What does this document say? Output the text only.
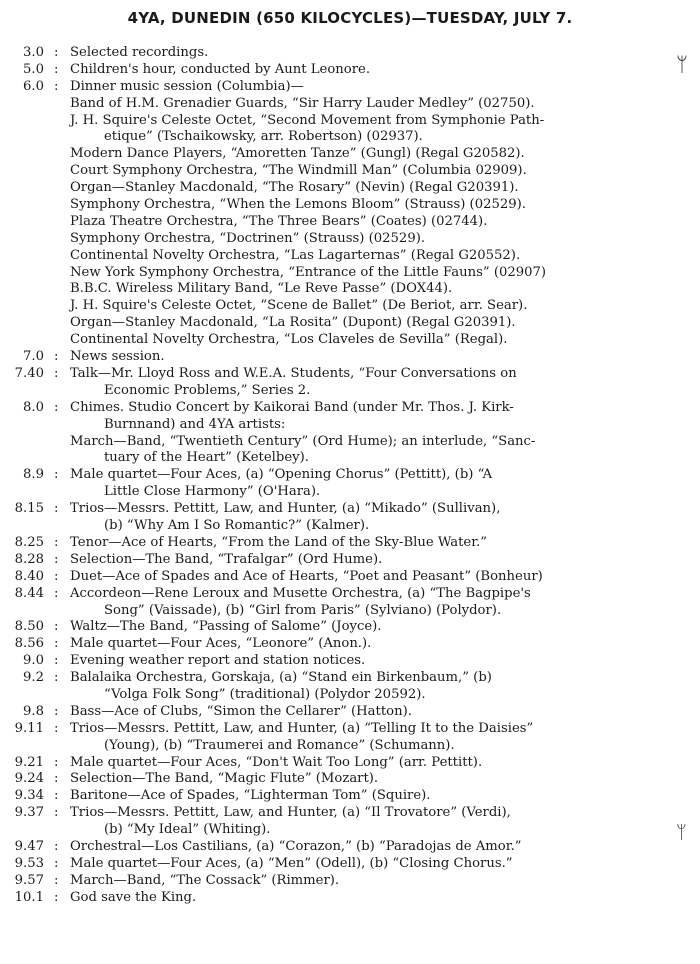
4YA, DUNEDIN (650 KILOCYCLES)—TUESDAY, JULY 7.
3.0 : Selected recordings.
5.0 : Children's hour, conducted by Aunt Leonore.
6.0 : Dinner music session (Columbia)—
Band of H.M. Grenadier Guards, “Sir Harry Lauder Medley” (02750).
J. H. Squire's Celeste Octet, “Second Movement from Symphonie Path-
etique” (Tschaikowsky, arr. Robertson) (02937).
Modern Dance Players, “Amoretten Tanze” (Gungl) (Regal G20582).
Court Symphony Orchestra, “The Windmill Man” (Columbia 02909).
Organ—Stanley Macdonald, “The Rosary” (Nevin) (Regal G20391).
Symphony Orchestra, “When the Lemons Bloom” (Strauss) (02529).
Plaza Theatre Orchestra, “The Three Bears” (Coates) (02744).
Symphony Orchestra, “Doctrinen” (Strauss) (02529).
Continental Novelty Orchestra, “Las Lagarternas” (Regal G20552).
New York Symphony Orchestra, “Entrance of the Little Fauns” (02907)
B.B.C. Wireless Military Band, “Le Reve Passe” (DOX44).
J. H. Squire's Celeste Octet, “Scene de Ballet” (De Beriot, arr. Sear).
Organ—Stanley Macdonald, “La Rosita” (Dupont) (Regal G20391).
Continental Novelty Orchestra, “Los Claveles de Sevilla” (Regal).
7.0 : News session.
7.40 : Talk—Mr. Lloyd Ross and W.E.A. Students, “Four Conversations on
Economic Problems,” Series 2.
8.0 : Chimes. Studio Concert by Kaikorai Band (under Mr. Thos. J. Kirk-
Burnnand) and 4YA artists:
March—Band, “Twentieth Century” (Ord Hume); an interlude, “Sanc-
tuary of the Heart” (Ketelbey).
8.9 : Male quartet—Four Aces, (a) “Opening Chorus” (Pettitt), (b) “A
Little Close Harmony” (O'Hara).
8.15 : Trios—Messrs. Pettitt, Law, and Hunter, (a) “Mikado” (Sullivan),
(b) “Why Am I So Romantic?” (Kalmer).
8.25 : Tenor—Ace of Hearts, “From the Land of the Sky-Blue Water.”
8.28 : Selection—The Band, “Trafalgar” (Ord Hume).
8.40 : Duet—Ace of Spades and Ace of Hearts, “Poet and Peasant” (Bonheur)
8.44 : Accordeon—Rene Leroux and Musette Orchestra, (a) “The Bagpipe's
Song” (Vaissade), (b) “Girl from Paris” (Sylviano) (Polydor).
8.50 : Waltz—The Band, “Passing of Salome” (Joyce).
8.56 : Male quartet—Four Aces, “Leonore” (Anon.).
9.0 : Evening weather report and station notices.
9.2 : Balalaika Orchestra, Gorskaja, (a) “Stand ein Birkenbaum,” (b)
“Volga Folk Song” (traditional) (Polydor 20592).
9.8 : Bass—Ace of Clubs, “Simon the Cellarer” (Hatton).
9.11 : Trios—Messrs. Pettitt, Law, and Hunter, (a) “Telling It to the Daisies”
(Young), (b) “Traumerei and Romance” (Schumann).
9.21 : Male quartet—Four Aces, “Don't Wait Too Long” (arr. Pettitt).
9.24 : Selection—The Band, “Magic Flute” (Mozart).
9.34 : Baritone—Ace of Spades, “Lighterman Tom” (Squire).
9.37 : Trios—Messrs. Pettitt, Law, and Hunter, (a) “Il Trovatore” (Verdi),
(b) “My Ideal” (Whiting).
9.47 : Orchestral—Los Castilians, (a) “Corazon,” (b) “Paradojas de Amor.”
9.53 : Male quartet—Four Aces, (a) “Men” (Odell), (b) “Closing Chorus.”
9.57 : March—Band, “The Cossack” (Rimmer).
10.1 : God save the King.
ᛘ
ᛘ
